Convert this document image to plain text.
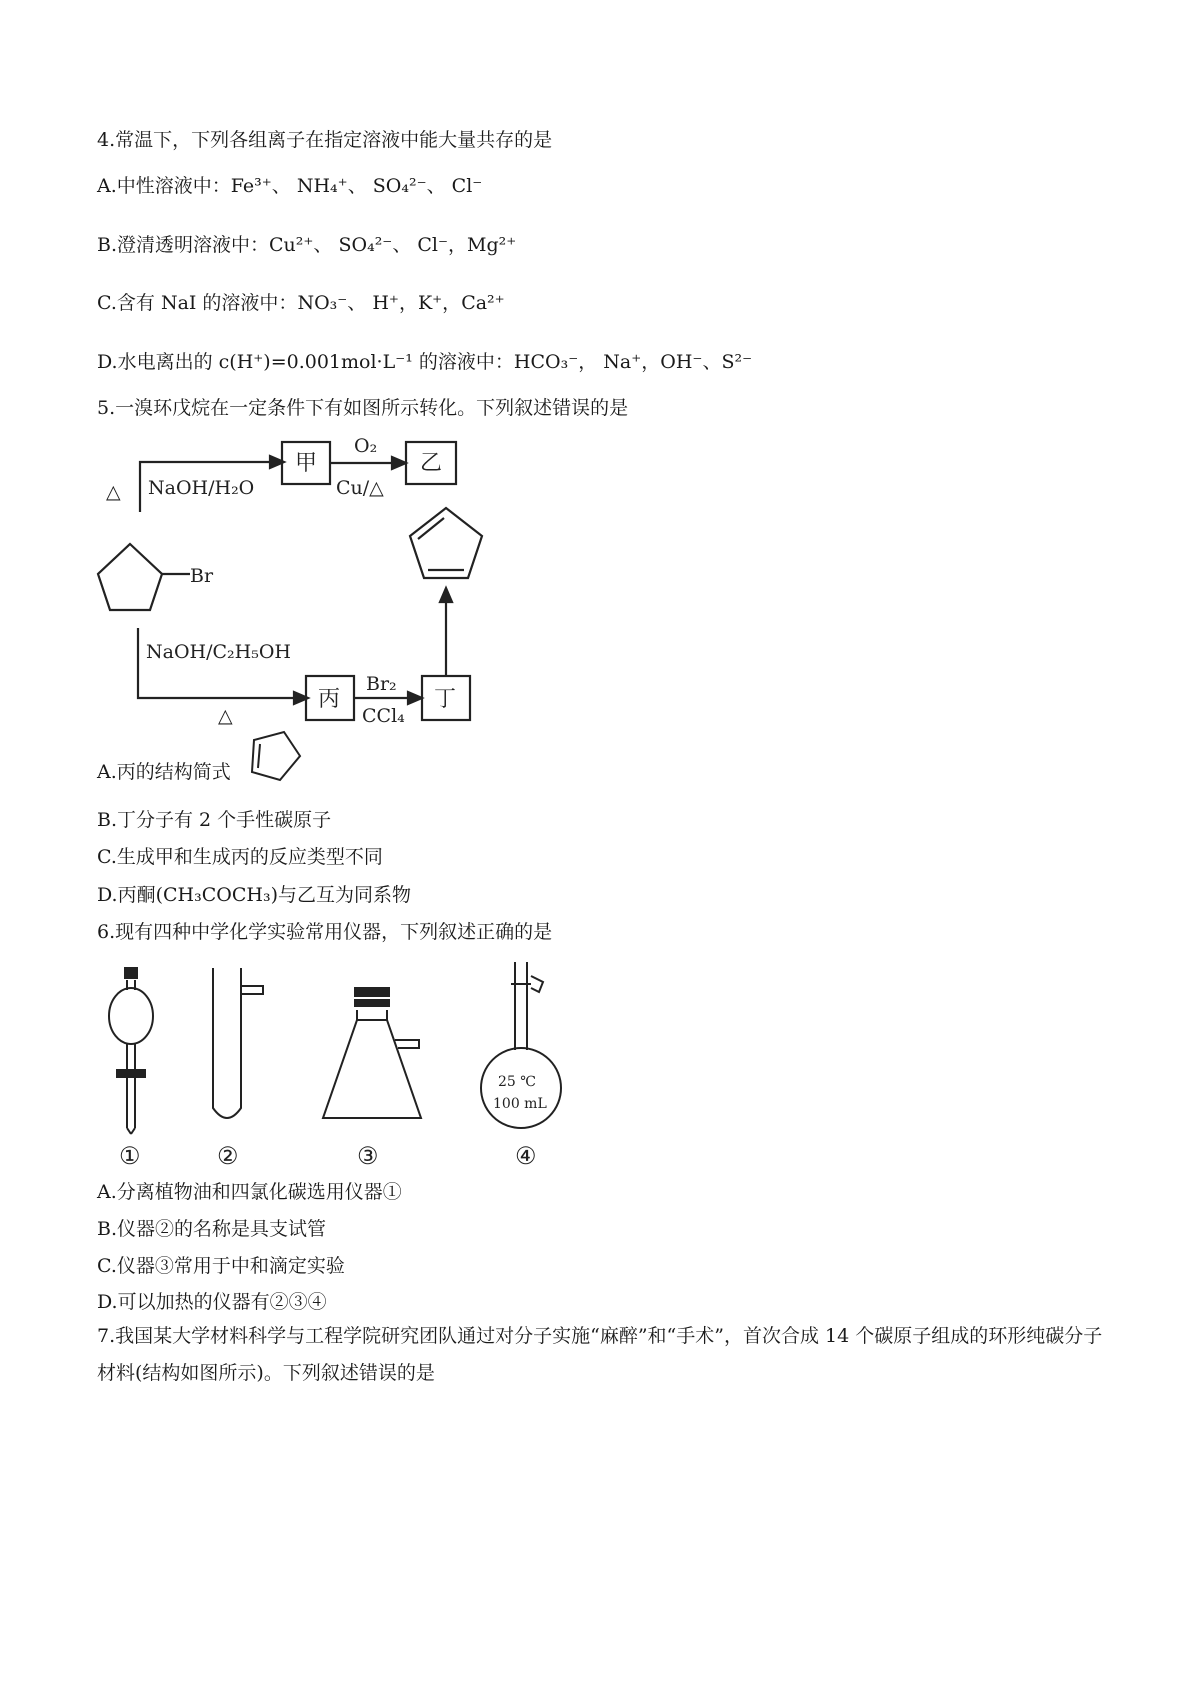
4.常温下，下列各组离子在指定溶液中能大量共存的是
A.中性溶液中：Fe³⁺、 NH₄⁺、 SO₄²⁻、 Cl⁻
B.澄清透明溶液中：Cu²⁺、 SO₄²⁻、 Cl⁻，Mg²⁺
C.含有 NaI 的溶液中：NO₃⁻、 H⁺，K⁺，Ca²⁺
D.水电离出的 c(H⁺)=0.001mol·L⁻¹ 的溶液中：HCO₃⁻， Na⁺，OH⁻、S²⁻
5.一溴环戊烷在一定条件下有如图所示转化。下列叙述错误的是
△ NaOH/H₂O
甲
O₂
Cu/△
乙
Br
NaOH/C₂H₅OH
△
丙
Br₂
CCl₄
丁
A.丙的结构简式
B.丁分子有 2 个手性碳原子
C.生成甲和生成丙的反应类型不同
D.丙酮(CH₃COCH₃)与乙互为同系物
6.现有四种中学化学实验常用仪器，下列叙述正确的是
25 ℃
100 mL
①	②	③	④
A.分离植物油和四氯化碳选用仪器①
B.仪器②的名称是具支试管
C.仪器③常用于中和滴定实验
D.可以加热的仪器有②③④
7.我国某大学材料科学与工程学院研究团队通过对分子实施“麻醉”和“手术”，首次合成 14 个碳原子组成的环形纯碳分子材料(结构如图所示)。下列叙述错误的是
